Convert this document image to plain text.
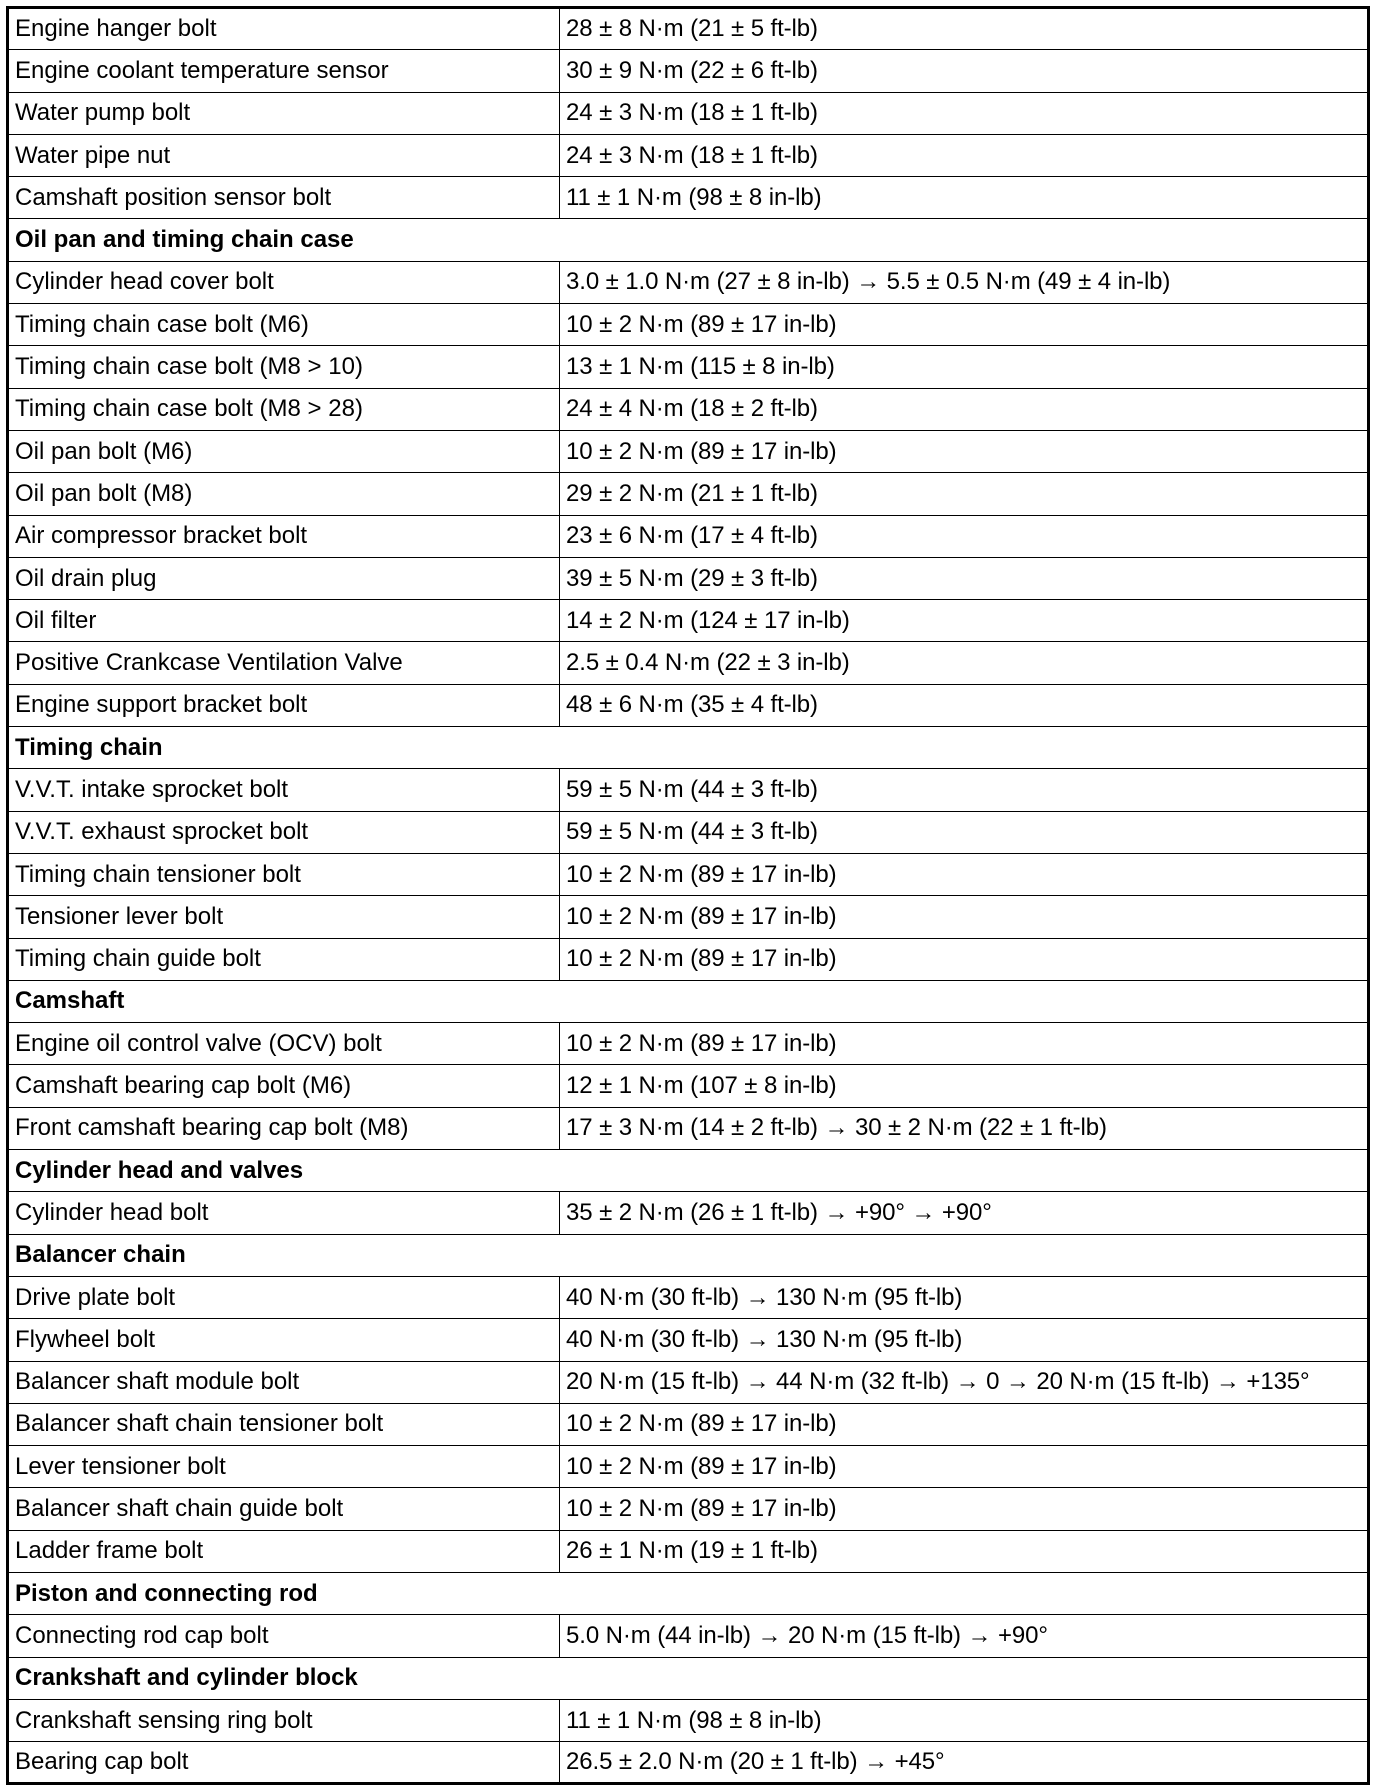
Engine hanger bolt	28 ± 8 N·m (21 ± 5 ft-lb)
Engine coolant temperature sensor	30 ± 9 N·m (22 ± 6 ft-lb)
Water pump bolt	24 ± 3 N·m (18 ± 1 ft-lb)
Water pipe nut	24 ± 3 N·m (18 ± 1 ft-lb)
Camshaft position sensor bolt	11 ± 1 N·m (98 ± 8 in-lb)
Oil pan and timing chain case	
Cylinder head cover bolt	3.0 ± 1.0 N·m (27 ± 8 in-lb) → 5.5 ± 0.5 N·m (49 ± 4 in-lb)
Timing chain case bolt (M6)	10 ± 2 N·m (89 ± 17 in-lb)
Timing chain case bolt (M8 > 10)	13 ± 1 N·m (115 ± 8 in-lb)
Timing chain case bolt (M8 > 28)	24 ± 4 N·m (18 ± 2 ft-lb)
Oil pan bolt (M6)	10 ± 2 N·m (89 ± 17 in-lb)
Oil pan bolt (M8)	29 ± 2 N·m (21 ± 1 ft-lb)
Air compressor bracket bolt	23 ± 6 N·m (17 ± 4 ft-lb)
Oil drain plug	39 ± 5 N·m (29 ± 3 ft-lb)
Oil filter	14 ± 2 N·m (124 ± 17 in-lb)
Positive Crankcase Ventilation Valve	2.5 ± 0.4 N·m (22 ± 3 in-lb)
Engine support bracket bolt	48 ± 6 N·m (35 ± 4 ft-lb)
Timing chain	
V.V.T. intake sprocket bolt	59 ± 5 N·m (44 ± 3 ft-lb)
V.V.T. exhaust sprocket bolt	59 ± 5 N·m (44 ± 3 ft-lb)
Timing chain tensioner bolt	10 ± 2 N·m (89 ± 17 in-lb)
Tensioner lever bolt	10 ± 2 N·m (89 ± 17 in-lb)
Timing chain guide bolt	10 ± 2 N·m (89 ± 17 in-lb)
Camshaft	
Engine oil control valve (OCV) bolt	10 ± 2 N·m (89 ± 17 in-lb)
Camshaft bearing cap bolt (M6)	12 ± 1 N·m (107 ± 8 in-lb)
Front camshaft bearing cap bolt (M8)	17 ± 3 N·m (14 ± 2 ft-lb) → 30 ± 2 N·m (22 ± 1 ft-lb)
Cylinder head and valves	
Cylinder head bolt	35 ± 2 N·m (26 ± 1 ft-lb) → +90° → +90°
Balancer chain	
Drive plate bolt	40 N·m (30 ft-lb) → 130 N·m (95 ft-lb)
Flywheel bolt	40 N·m (30 ft-lb) → 130 N·m (95 ft-lb)
Balancer shaft module bolt	20 N·m (15 ft-lb) → 44 N·m (32 ft-lb) → 0 → 20 N·m (15 ft-lb) → +135°
Balancer shaft chain tensioner bolt	10 ± 2 N·m (89 ± 17 in-lb)
Lever tensioner bolt	10 ± 2 N·m (89 ± 17 in-lb)
Balancer shaft chain guide bolt	10 ± 2 N·m (89 ± 17 in-lb)
Ladder frame bolt	26 ± 1 N·m (19 ± 1 ft-lb)
Piston and connecting rod	
Connecting rod cap bolt	5.0 N·m (44 in-lb) → 20 N·m (15 ft-lb) → +90°
Crankshaft and cylinder block	
Crankshaft sensing ring bolt	11 ± 1 N·m (98 ± 8 in-lb)
Bearing cap bolt	26.5 ± 2.0 N·m (20 ± 1 ft-lb) → +45°
